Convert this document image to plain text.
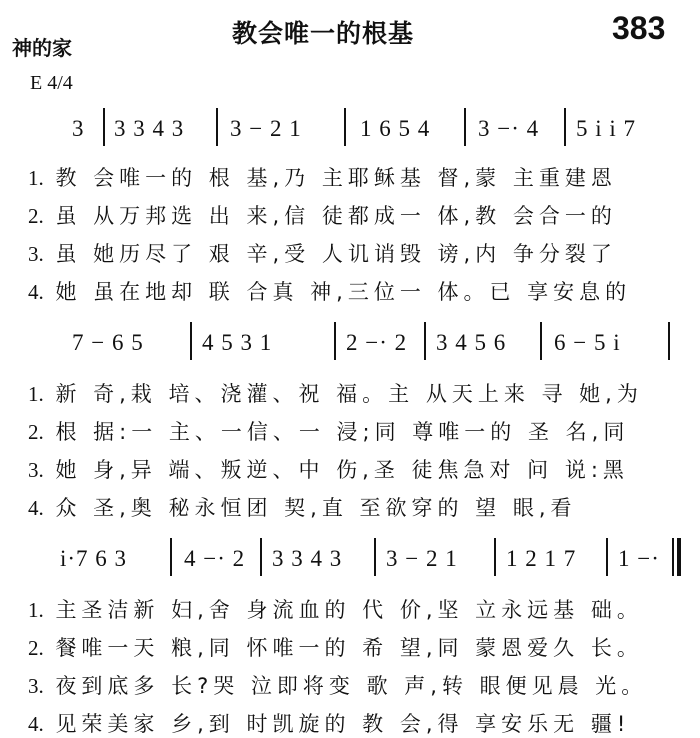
神的家	教会唯一的根基	383
E 4/4
3 3 3 4 3 3 − 2 1	1 6 5 4 3 −· 4 5 i i 7
1. 教 会唯一的 根 基,乃 主耶稣基 督,蒙 主重建恩
2. 虽 从万邦选 出 来,信 徒都成一 体,教 会合一的
3. 虽 她历尽了 艰 辛,受 人讥诮毁 谤,内 争分裂了
4. 她 虽在地却 联 合真 神,三位一 体。已 享安息的
7 − 6 5	4 5 3 1	2 −· 2 3 4 5 6 6 − 5 i
1. 新 奇,栽 培、浇灌、祝 福。主 从天上来 寻 她,为
2. 根 据:一 主、一信、一 浸;同 尊唯一的 圣 名,同
3. 她 身,异 端、叛逆、中 伤,圣 徒焦急对 问 说:黑
4. 众 圣,奥 秘永恒团 契,直 至欲穿的 望 眼,看
i·7 6 3 4 −· 2 3 3 4 3 3 − 2 1 1 2 1 7 1 −·
1. 主圣洁新 妇,舍 身流血的 代 价,坚 立永远基 础。
2. 餐唯一天 粮,同 怀唯一的 希 望,同 蒙恩爱久 长。
3. 夜到底多 长?哭 泣即将变 歌 声,转 眼便见晨 光。
4. 见荣美家 乡,到 时凯旋的 教 会,得 享安乐无 疆!
